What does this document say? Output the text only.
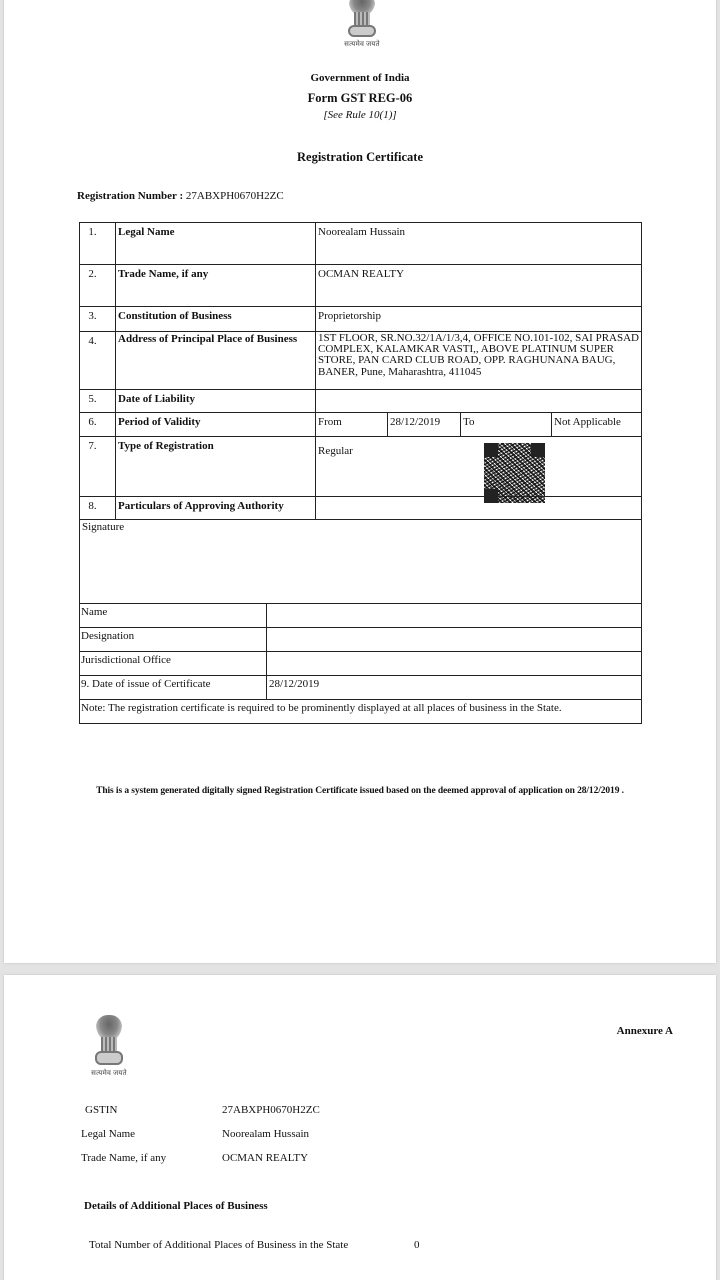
सत्यमेव जयते
Government of India
Form GST REG-06
[See Rule 10(1)]
Registration Certificate
Registration Number : 27ABXPH0670H2ZC
1.	Legal Name	Noorealam Hussain
2.	Trade Name, if any	OCMAN REALTY
3.	Constitution of Business	Proprietorship
4.	Address of Principal Place of Business	1ST FLOOR, SR.NO.32/1A/1/3,4, OFFICE NO.101-102, SAI PRASAD COMPLEX, KALAMKAR VASTI,, ABOVE PLATINUM SUPER STORE, PAN CARD CLUB ROAD, OPP. RAGHUNANA BAUG, BANER, Pune, Maharashtra, 411045
5.	Date of Liability
6.	Period of Validity	From	28/12/2019	To	Not Applicable
7.	Type of Registration	Regular
8.	Particulars of Approving Authority
Signature
Name
Designation
Jurisdictional Office
9. Date of issue of Certificate	28/12/2019
Note: The registration certificate is required to be prominently displayed at all places of business in the State.
This is a system generated digitally signed Registration Certificate issued based on the deemed approval of application on 28/12/2019 .
Annexure A
सत्यमेव जयते
GSTIN	27ABXPH0670H2ZC
Legal Name	Noorealam Hussain
Trade Name, if any	OCMAN REALTY
Details of Additional Places of Business
Total Number of Additional Places of Business in the State	0
